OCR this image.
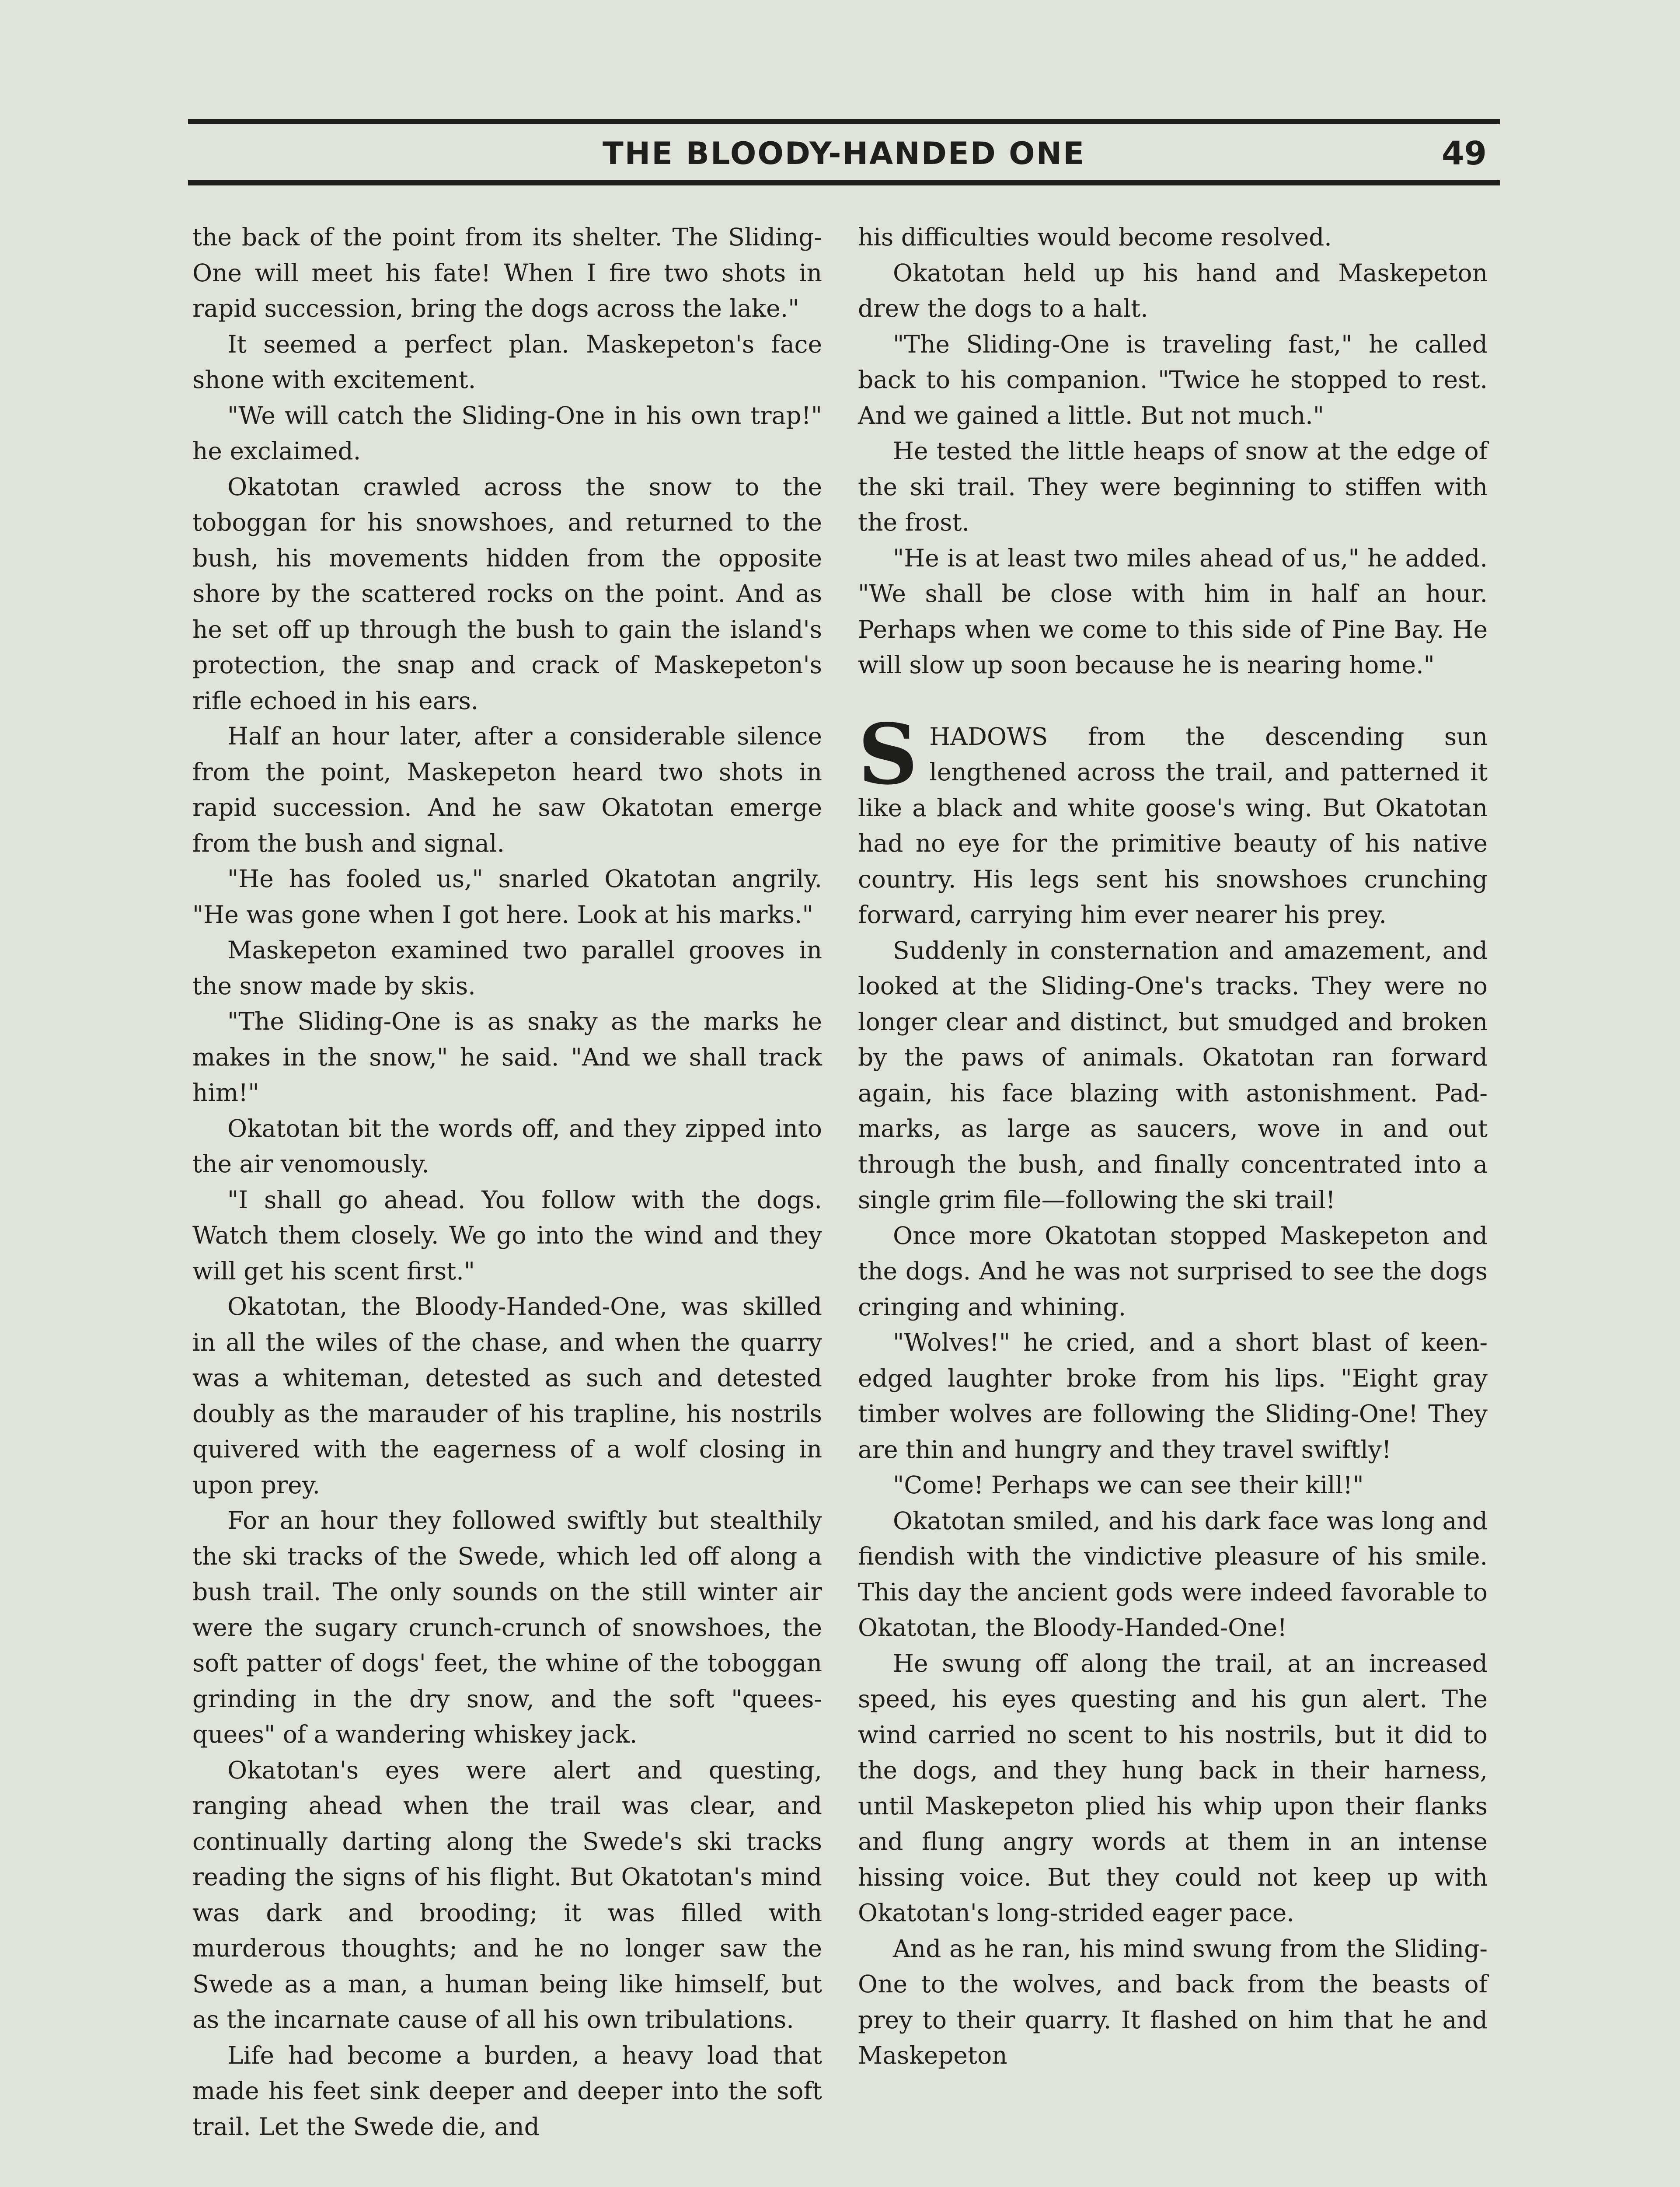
THE BLOODY-HANDED ONE	49

the back of the point from its shelter. The Sliding-One will meet his fate! When I fire two shots in rapid succession, bring the dogs across the lake."

It seemed a perfect plan. Maskepeton's face shone with excitement.

"We will catch the Sliding-One in his own trap!" he exclaimed.

Okatotan crawled across the snow to the toboggan for his snowshoes, and returned to the bush, his movements hidden from the opposite shore by the scattered rocks on the point. And as he set off up through the bush to gain the island's protection, the snap and crack of Maskepeton's rifle echoed in his ears.

Half an hour later, after a considerable silence from the point, Maskepeton heard two shots in rapid succession. And he saw Okatotan emerge from the bush and signal.

"He has fooled us," snarled Okatotan angrily. "He was gone when I got here. Look at his marks."

Maskepeton examined two parallel grooves in the snow made by skis.

"The Sliding-One is as snaky as the marks he makes in the snow," he said. "And we shall track him!"

Okatotan bit the words off, and they zipped into the air venomously.

"I shall go ahead. You follow with the dogs. Watch them closely. We go into the wind and they will get his scent first."

Okatotan, the Bloody-Handed-One, was skilled in all the wiles of the chase, and when the quarry was a whiteman, detested as such and detested doubly as the marauder of his trapline, his nostrils quivered with the eagerness of a wolf closing in upon prey.

For an hour they followed swiftly but stealthily the ski tracks of the Swede, which led off along a bush trail. The only sounds on the still winter air were the sugary crunch-crunch of snowshoes, the soft patter of dogs' feet, the whine of the toboggan grinding in the dry snow, and the soft "quees-quees" of a wandering whiskey jack.

Okatotan's eyes were alert and questing, ranging ahead when the trail was clear, and continually darting along the Swede's ski tracks reading the signs of his flight. But Okatotan's mind was dark and brooding; it was filled with murderous thoughts; and he no longer saw the Swede as a man, a human being like himself, but as the incarnate cause of all his own tribulations.

Life had become a burden, a heavy load that made his feet sink deeper and deeper into the soft trail. Let the Swede die, and

his difficulties would become resolved.

Okatotan held up his hand and Maskepeton drew the dogs to a halt.

"The Sliding-One is traveling fast," he called back to his companion. "Twice he stopped to rest. And we gained a little. But not much."

He tested the little heaps of snow at the edge of the ski trail. They were beginning to stiffen with the frost.

"He is at least two miles ahead of us," he added. "We shall be close with him in half an hour. Perhaps when we come to this side of Pine Bay. He will slow up soon because he is nearing home."

SHADOWS from the descending sun lengthened across the trail, and patterned it like a black and white goose's wing. But Okatotan had no eye for the primitive beauty of his native country. His legs sent his snowshoes crunching forward, carrying him ever nearer his prey.

Suddenly in consternation and amazement, and looked at the Sliding-One's tracks. They were no longer clear and distinct, but smudged and broken by the paws of animals. Okatotan ran forward again, his face blazing with astonishment. Pad-marks, as large as saucers, wove in and out through the bush, and finally concentrated into a single grim file—following the ski trail!

Once more Okatotan stopped Maskepeton and the dogs. And he was not surprised to see the dogs cringing and whining.

"Wolves!" he cried, and a short blast of keen-edged laughter broke from his lips. "Eight gray timber wolves are following the Sliding-One! They are thin and hungry and they travel swiftly!

"Come! Perhaps we can see their kill!"

Okatotan smiled, and his dark face was long and fiendish with the vindictive pleasure of his smile. This day the ancient gods were indeed favorable to Okatotan, the Bloody-Handed-One!

He swung off along the trail, at an increased speed, his eyes questing and his gun alert. The wind carried no scent to his nostrils, but it did to the dogs, and they hung back in their harness, until Maskepeton plied his whip upon their flanks and flung angry words at them in an intense hissing voice. But they could not keep up with Okatotan's long-strided eager pace.

And as he ran, his mind swung from the Sliding-One to the wolves, and back from the beasts of prey to their quarry. It flashed on him that he and Maskepeton
